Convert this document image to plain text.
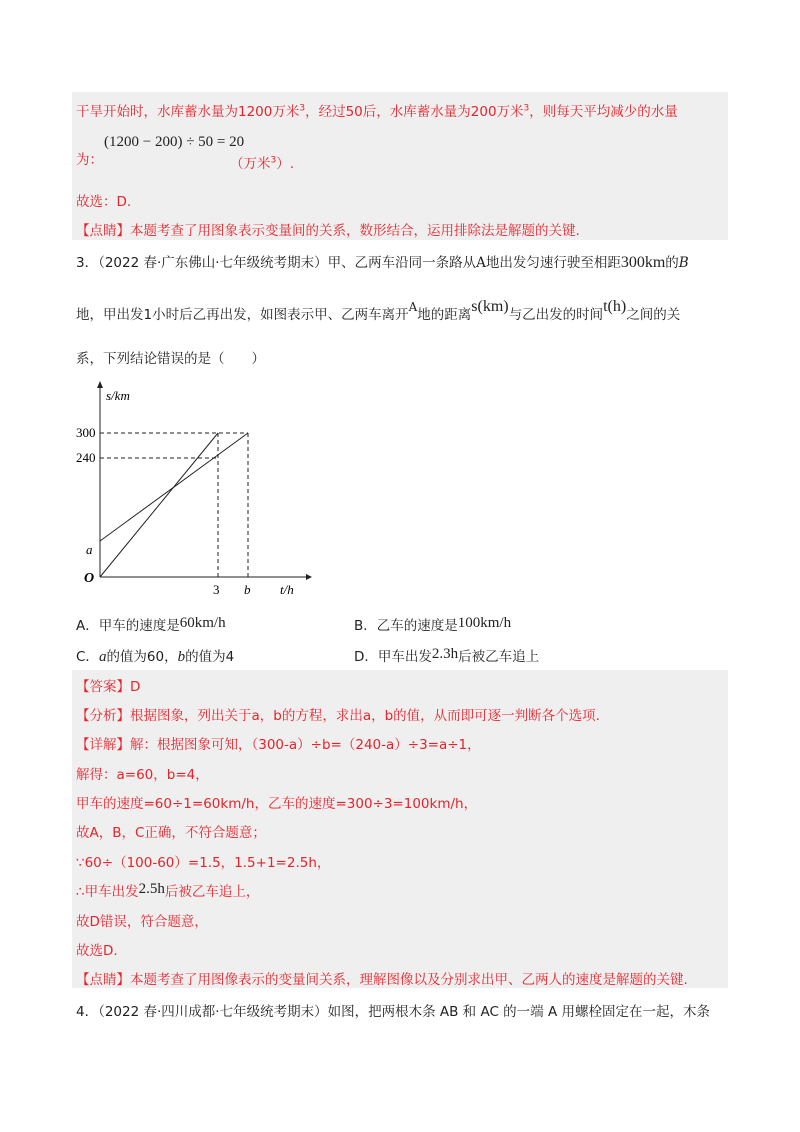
干旱开始时，水库蓄水量为1200万米$^3$，经过50后，水库蓄水量为200万米$^3$，则每天平均减少的水量
为：
(1200 − 200) ÷ 50 = 20
（万米$^3$）.
故选：D.
【点睛】本题考查了用图象表示变量间的关系，数形结合，运用排除法是解题的关键.
3．（2022 春·广东佛山·七年级统考期末）甲、乙两车沿同一条路从A地出发匀速行驶至相距300km的B
地，甲出发1小时后乙再出发，如图表示甲、乙两车离开A地的距离s(km)与乙出发的时间t(h)之间的关
系，下列结论错误的是（　　）
s/km
300
240
a
O
3 b t/h
A．甲车的速度是60km/h	B．乙车的速度是100km/h
C．a的值为60，b的值为4	D．甲车出发2.3h后被乙车追上
【答案】D
【分析】根据图象，列出关于a，b的方程，求出a，b的值，从而即可逐一判断各个选项.
【详解】解：根据图象可知，（300-a）÷b=（240-a）÷3=a÷1，
解得：a=60，b=4，
甲车的速度=60÷1=60km/h，乙车的速度=300÷3=100km/h，
故A，B，C正确，不符合题意；
∵60÷（100-60）=1.5，1.5+1=2.5h，
∴甲车出发2.5h后被乙车追上，
故D错误，符合题意，
故选D.
【点睛】本题考查了用图像表示的变量间关系，理解图像以及分别求出甲、乙两人的速度是解题的关键.
4．（2022 春·四川成都·七年级统考期末）如图，把两根木条 AB 和 AC 的一端 A 用螺栓固定在一起，木条
